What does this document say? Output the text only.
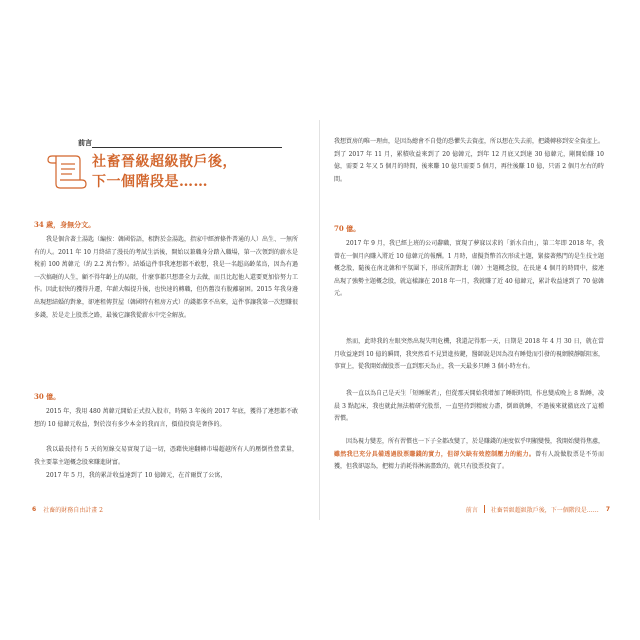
前言
社畜晉級超級散戶後，
下一個階段是……
34 歲，身無分文。

我是個含著土湯匙（編按：韓國俗語，相對於金湯匙，指家中經濟條件普通的人）出生、一無所有的人。2011 年 10 月終結了漫長的考試生活後，開始以兼職身分踏入職場，第一次領到的薪水是稅前 100 萬韓元（約 2.2 萬台幣）。結婚這件事我連想都不敢想，我是一名超高齡菜鳥，因為有過一次搞砸的人生，顧不得年齡上的局限，什麼事都只想盡全力去做，而且比起他人還要更加倍努力工作。因此很快的獲得升遷，年薪大幅提升後，也快速的轉職，但仍舊沒有脫離窮困。2015 年我身邊出現想結婚的對象，卻連租傳貰屋（韓國特有租房方式）的錢都拿不出來，這件事讓我第一次想賺很多錢，於是走上股票之路，最後它讓我從薪水中完全解放。

30 億。

2015 年，我用 480 萬韓元開始正式投入股市，時隔 3 年後的 2017 年底，獲得了連想都不敢想的 10 億韓元收益，對於沒有多少本金的我而言，價值投資是奢侈的。

我以最長持有 5 天的短線交易實現了這一切，憑藉快速翻轉市場超越所有人的壓倒性營業量，我主要靠主題概念股來賺進財富。

2017 年 5 月，我的累計收益達到了 10 億韓元，在首爾買了公寓，

6 社畜的財務自由計畫 2

我想買房的唯一理由，是因為總會不自覺的恐懼失去資產，所以想在失去前，把錢轉移到安全資產上。到了 2017 年 11 月，累積收益來到了 20 億韓元，到年 12 月底又到達 30 億韓元，剛開始賺 10 億，需要 2 年又 5 個月的時間，後來賺 10 億只需要 5 個月，再往後賺 10 億，只需 2 個月左右的時間。

70 億。

2017 年 9 月，我已經上班的公司辭職，實現了夢寐以求的「新水自由」，第二年即 2018 年，我曾在一個月內賺入將近 10 億韓元的報酬。1 月時，虛擬貨幣首次形成主題，緊接著熱門的是生技主題概念股，隨後在南北韓和平氛圍下，形成所謂對北（韓）主題概念股，在長達 4 個月的時間中，接連出現了強勢主題概念股，就這樣讓在 2018 年一月，我就賺了近 40 億韓元，累計收益達到了 70 億韓元。

然而，此時我的左眼突然出現失明危機，我還記得那一天，日期是 2018 年 4 月 30 日，就在當月收益達到 10 億的瞬間，我突然看不見買進按鍵，醫師說是因為沒有睡覺而引發的視網膜靜脈阻塞，事實上，從我開始做股票一直到那天為止，我一天最多只睡 3 個小時左右。

我一直以為自己是天生「短睡眠者」，但從那天開始我增加了睡眠時間，作息變成晚上 8 點睡，凌晨 3 點起床，我也就此無法精研究股票，一直堅持到精疲力盡，倒頭就睡，不過後來就徹底改了這種習慣。

因為視力變差，所有習慣也一下子全都改變了，於是賺錢的速度似乎明顯變慢，我開始變得焦慮，雖然我已充分具備透過股票賺錢的實力，但卻欠缺有效控制壓力的能力。曾有人說做股票是不勞而獲，但我卻認為，把精力消耗得淋漓盡致的，就只有股票投資了。

前言 社畜晉級超級散戶後，下一個階段是…… 7
